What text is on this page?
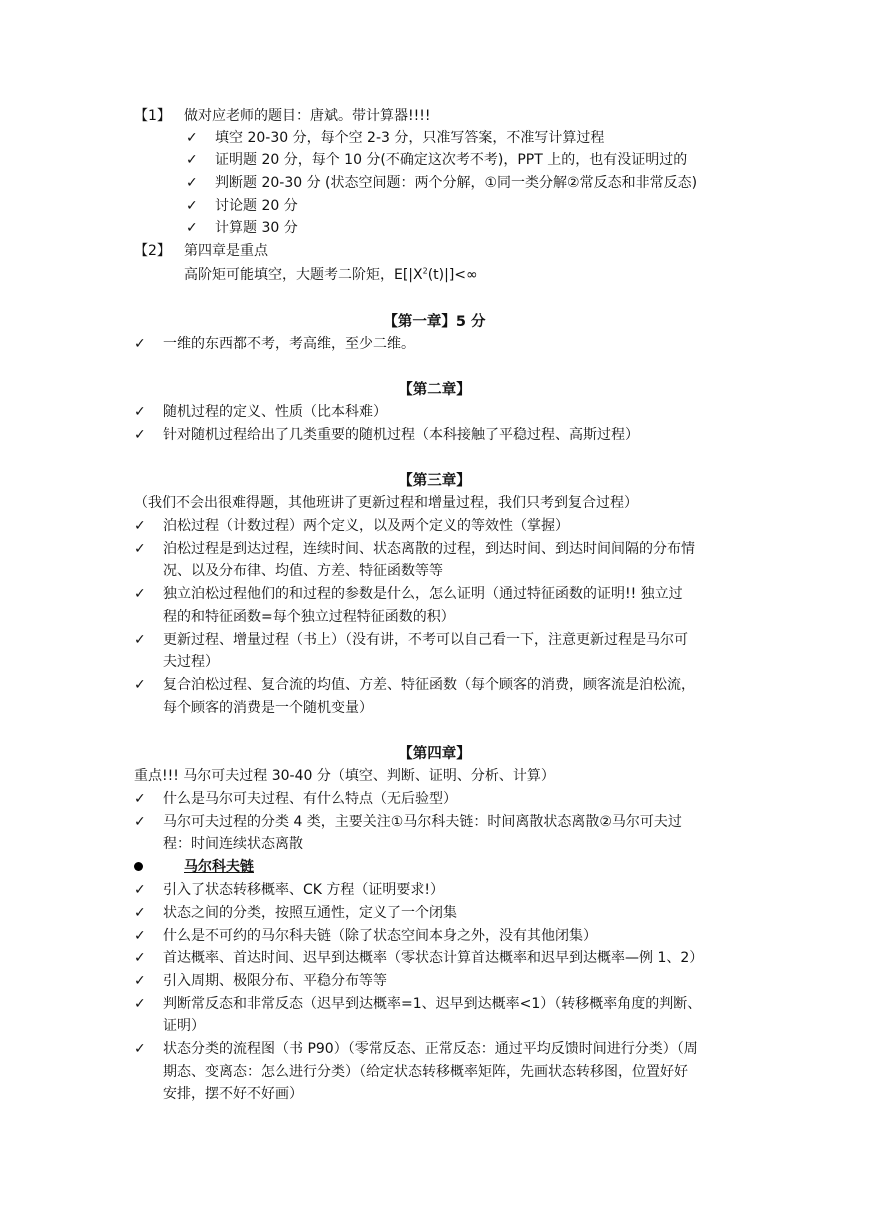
【1】 做对应老师的题目：唐斌。带计算器!!!!
✓ 填空 20-30 分，每个空 2-3 分，只准写答案，不准写计算过程
✓ 证明题 20 分，每个 10 分(不确定这次考不考)，PPT 上的，也有没证明过的
✓ 判断题 20-30 分 (状态空间题：两个分解，①同一类分解②常反态和非常反态)
✓ 讨论题 20 分
✓ 计算题 30 分
【2】 第四章是重点
高阶矩可能填空，大题考二阶矩，$E[|X^2(t)|]<\infty$
【第一章】5 分
✓ 一维的东西都不考，考高维，至少二维。
【第二章】
✓ 随机过程的定义、性质（比本科难）
✓ 针对随机过程给出了几类重要的随机过程（本科接触了平稳过程、高斯过程）
【第三章】
（我们不会出很难得题，其他班讲了更新过程和增量过程，我们只考到复合过程）
✓ 泊松过程（计数过程）两个定义，以及两个定义的等效性（掌握）
✓ 泊松过程是到达过程，连续时间、状态离散的过程，到达时间、到达时间间隔的分布情
况、以及分布律、均值、方差、特征函数等等
✓ 独立泊松过程他们的和过程的参数是什么，怎么证明（通过特征函数的证明!! 独立过
程的和特征函数=每个独立过程特征函数的积）
✓ 更新过程、增量过程（书上）（没有讲，不考可以自己看一下，注意更新过程是马尔可
夫过程）
✓ 复合泊松过程、复合流的均值、方差、特征函数（每个顾客的消费，顾客流是泊松流，
每个顾客的消费是一个随机变量）
【第四章】
重点!!! 马尔可夫过程 30-40 分（填空、判断、证明、分析、计算）
✓ 什么是马尔可夫过程、有什么特点（无后验型）
✓ 马尔可夫过程的分类 4 类，主要关注①马尔科夫链：时间离散状态离散②马尔可夫过
程：时间连续状态离散
马尔科夫链
✓ 引入了状态转移概率、CK 方程（证明要求!）
✓ 状态之间的分类，按照互通性，定义了一个闭集
✓ 什么是不可约的马尔科夫链（除了状态空间本身之外，没有其他闭集）
✓ 首达概率、首达时间、迟早到达概率（零状态计算首达概率和迟早到达概率—例 1、2）
✓ 引入周期、极限分布、平稳分布等等
✓ 判断常反态和非常反态（迟早到达概率=1、迟早到达概率<1）（转移概率角度的判断、
证明）
✓ 状态分类的流程图（书 P90）（零常反态、正常反态：通过平均反馈时间进行分类）（周
期态、变离态：怎么进行分类）（给定状态转移概率矩阵，先画状态转移图，位置好好
安排，摆不好不好画）
